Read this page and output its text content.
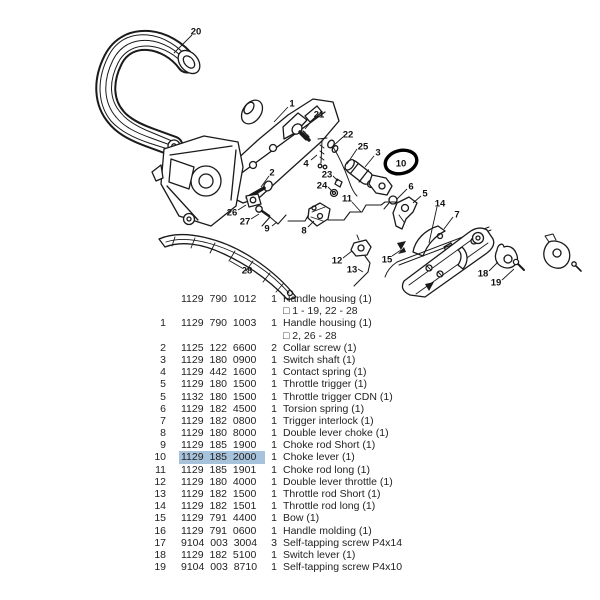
20
1
21
22
25
3
4
23
24
2
26
27
9	8
11
10
6
5
14
7
12
13
15
18
19
28
1129 790 1012	1 Handle housing (1)
□ 1 - 19, 22 - 28
1 1129 790 1003	1 Handle housing (1)
□ 2, 26 - 28
2 1125 122 6600	2 Collar screw (1)
3 1129 180 0900	1 Switch shaft (1)
4 1129 442 1600	1 Contact spring (1)
5 1129 180 1500	1 Throttle trigger (1)
5 1132 180 1500	1 Throttle trigger CDN (1)
6 1129 182 4500	1 Torsion spring (1)
7 1129 182 0800	1 Trigger interlock (1)
8 1129 180 8000	1 Double lever choke (1)
9 1129 185 1900	1 Choke rod Short (1)
10 1129 185 2000	1 Choke lever (1)
11 1129 185 1901	1 Choke rod long (1)
12 1129 180 4000	1 Double lever throttle (1)
13 1129 182 1500	1 Throttle rod Short (1)
14 1129 182 1501	1 Throttle rod long (1)
15 1129 791 4400	1 Bow (1)
16 1129 791 0600	1 Handle molding (1)
17 9104 003 3004	3 Self-tapping screw P4x14
18 1129 182 5100	1 Switch lever (1)
19 9104 003 8710	1 Self-tapping screw P4x10
